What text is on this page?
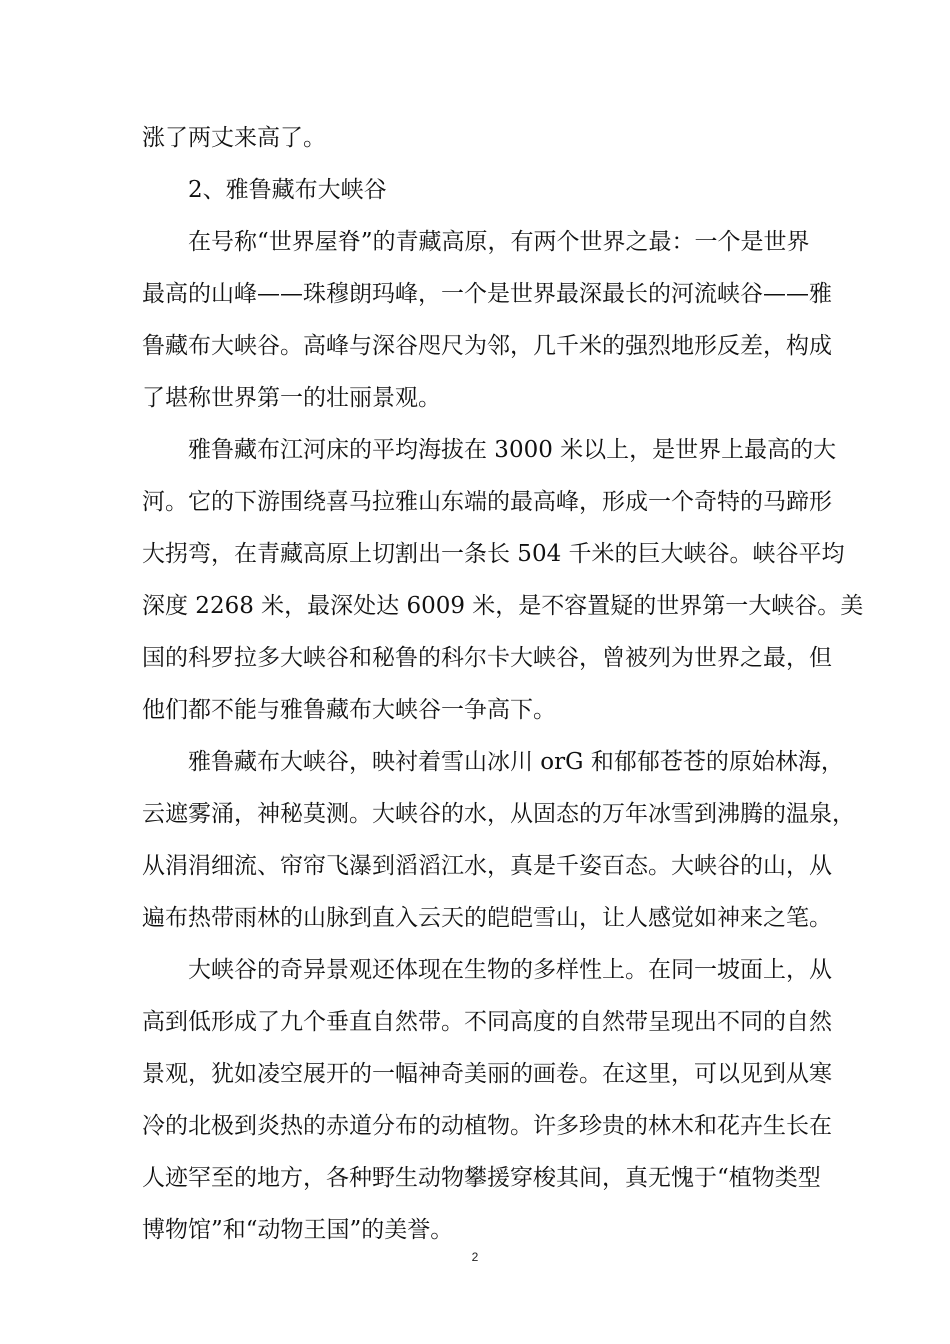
涨了两丈来高了。
2、雅鲁藏布大峡谷
在号称“世界屋脊”的青藏高原，有两个世界之最：一个是世界
最高的山峰——珠穆朗玛峰，一个是世界最深最长的河流峡谷——雅
鲁藏布大峡谷。高峰与深谷咫尺为邻，几千米的强烈地形反差，构成
了堪称世界第一的壮丽景观。
雅鲁藏布江河床的平均海拔在 3000 米以上，是世界上最高的大
河。它的下游围绕喜马拉雅山东端的最高峰，形成一个奇特的马蹄形
大拐弯，在青藏高原上切割出一条长 504 千米的巨大峡谷。峡谷平均
深度 2268 米，最深处达 6009 米，是不容置疑的世界第一大峡谷。美
国的科罗拉多大峡谷和秘鲁的科尔卡大峡谷，曾被列为世界之最，但
他们都不能与雅鲁藏布大峡谷一争高下。
雅鲁藏布大峡谷，映衬着雪山冰川 orG 和郁郁苍苍的原始林海，
云遮雾涌，神秘莫测。大峡谷的水，从固态的万年冰雪到沸腾的温泉，
从涓涓细流、帘帘飞瀑到滔滔江水，真是千姿百态。大峡谷的山，从
遍布热带雨林的山脉到直入云天的皑皑雪山，让人感觉如神来之笔。
大峡谷的奇异景观还体现在生物的多样性上。在同一坡面上，从
高到低形成了九个垂直自然带。不同高度的自然带呈现出不同的自然
景观，犹如凌空展开的一幅神奇美丽的画卷。在这里，可以见到从寒
冷的北极到炎热的赤道分布的动植物。许多珍贵的林木和花卉生长在
人迹罕至的地方，各种野生动物攀援穿梭其间，真无愧于“植物类型
博物馆”和“动物王国”的美誉。
2
